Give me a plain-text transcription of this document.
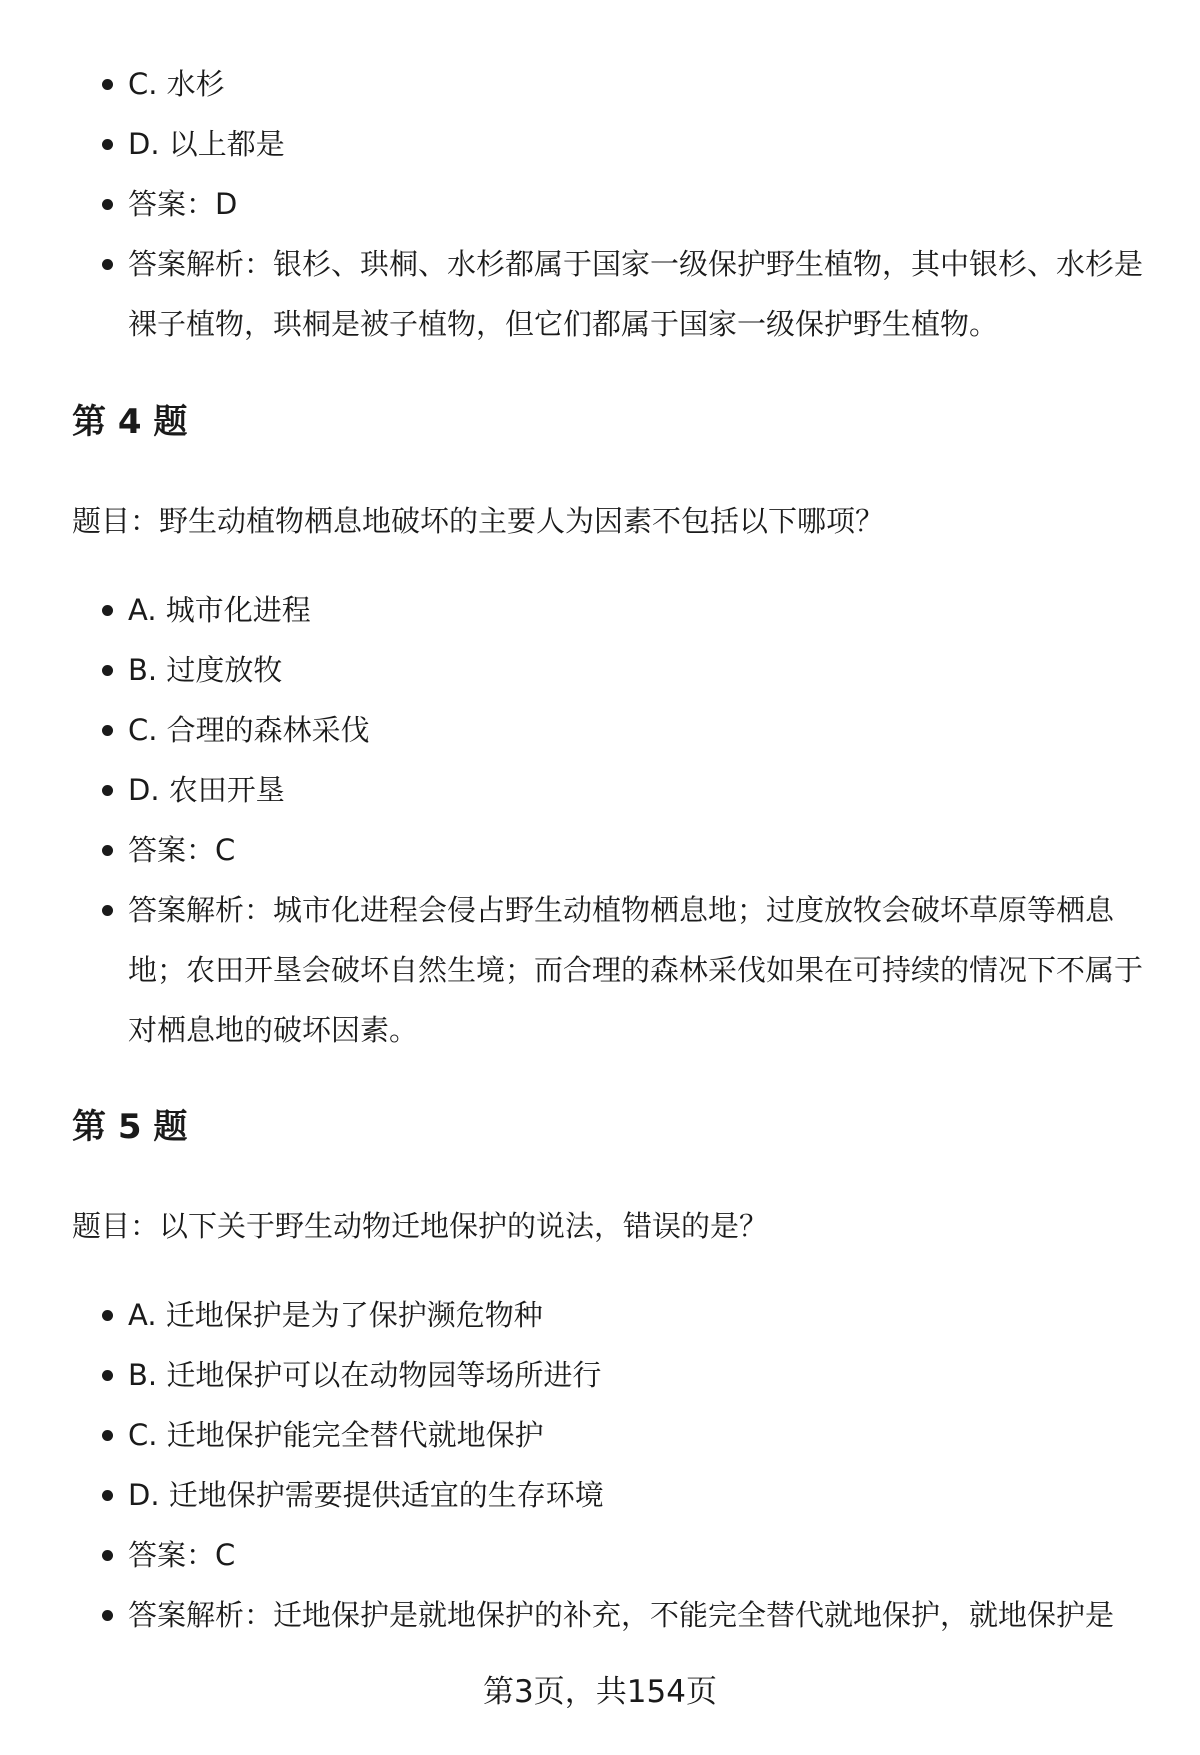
C. 水杉
D. 以上都是
答案：D
答案解析：银杉、珙桐、水杉都属于国家一级保护野生植物，其中银杉、水杉是裸子植物，珙桐是被子植物，但它们都属于国家一级保护野生植物。
第 4 题
题目：野生动植物栖息地破坏的主要人为因素不包括以下哪项？
A. 城市化进程
B. 过度放牧
C. 合理的森林采伐
D. 农田开垦
答案：C
答案解析：城市化进程会侵占野生动植物栖息地；过度放牧会破坏草原等栖息地；农田开垦会破坏自然生境；而合理的森林采伐如果在可持续的情况下不属于对栖息地的破坏因素。
第 5 题
题目：以下关于野生动物迁地保护的说法，错误的是？
A. 迁地保护是为了保护濒危物种
B. 迁地保护可以在动物园等场所进行
C. 迁地保护能完全替代就地保护
D. 迁地保护需要提供适宜的生存环境
答案：C
答案解析：迁地保护是就地保护的补充，不能完全替代就地保护，就地保护是
第3页，共154页
